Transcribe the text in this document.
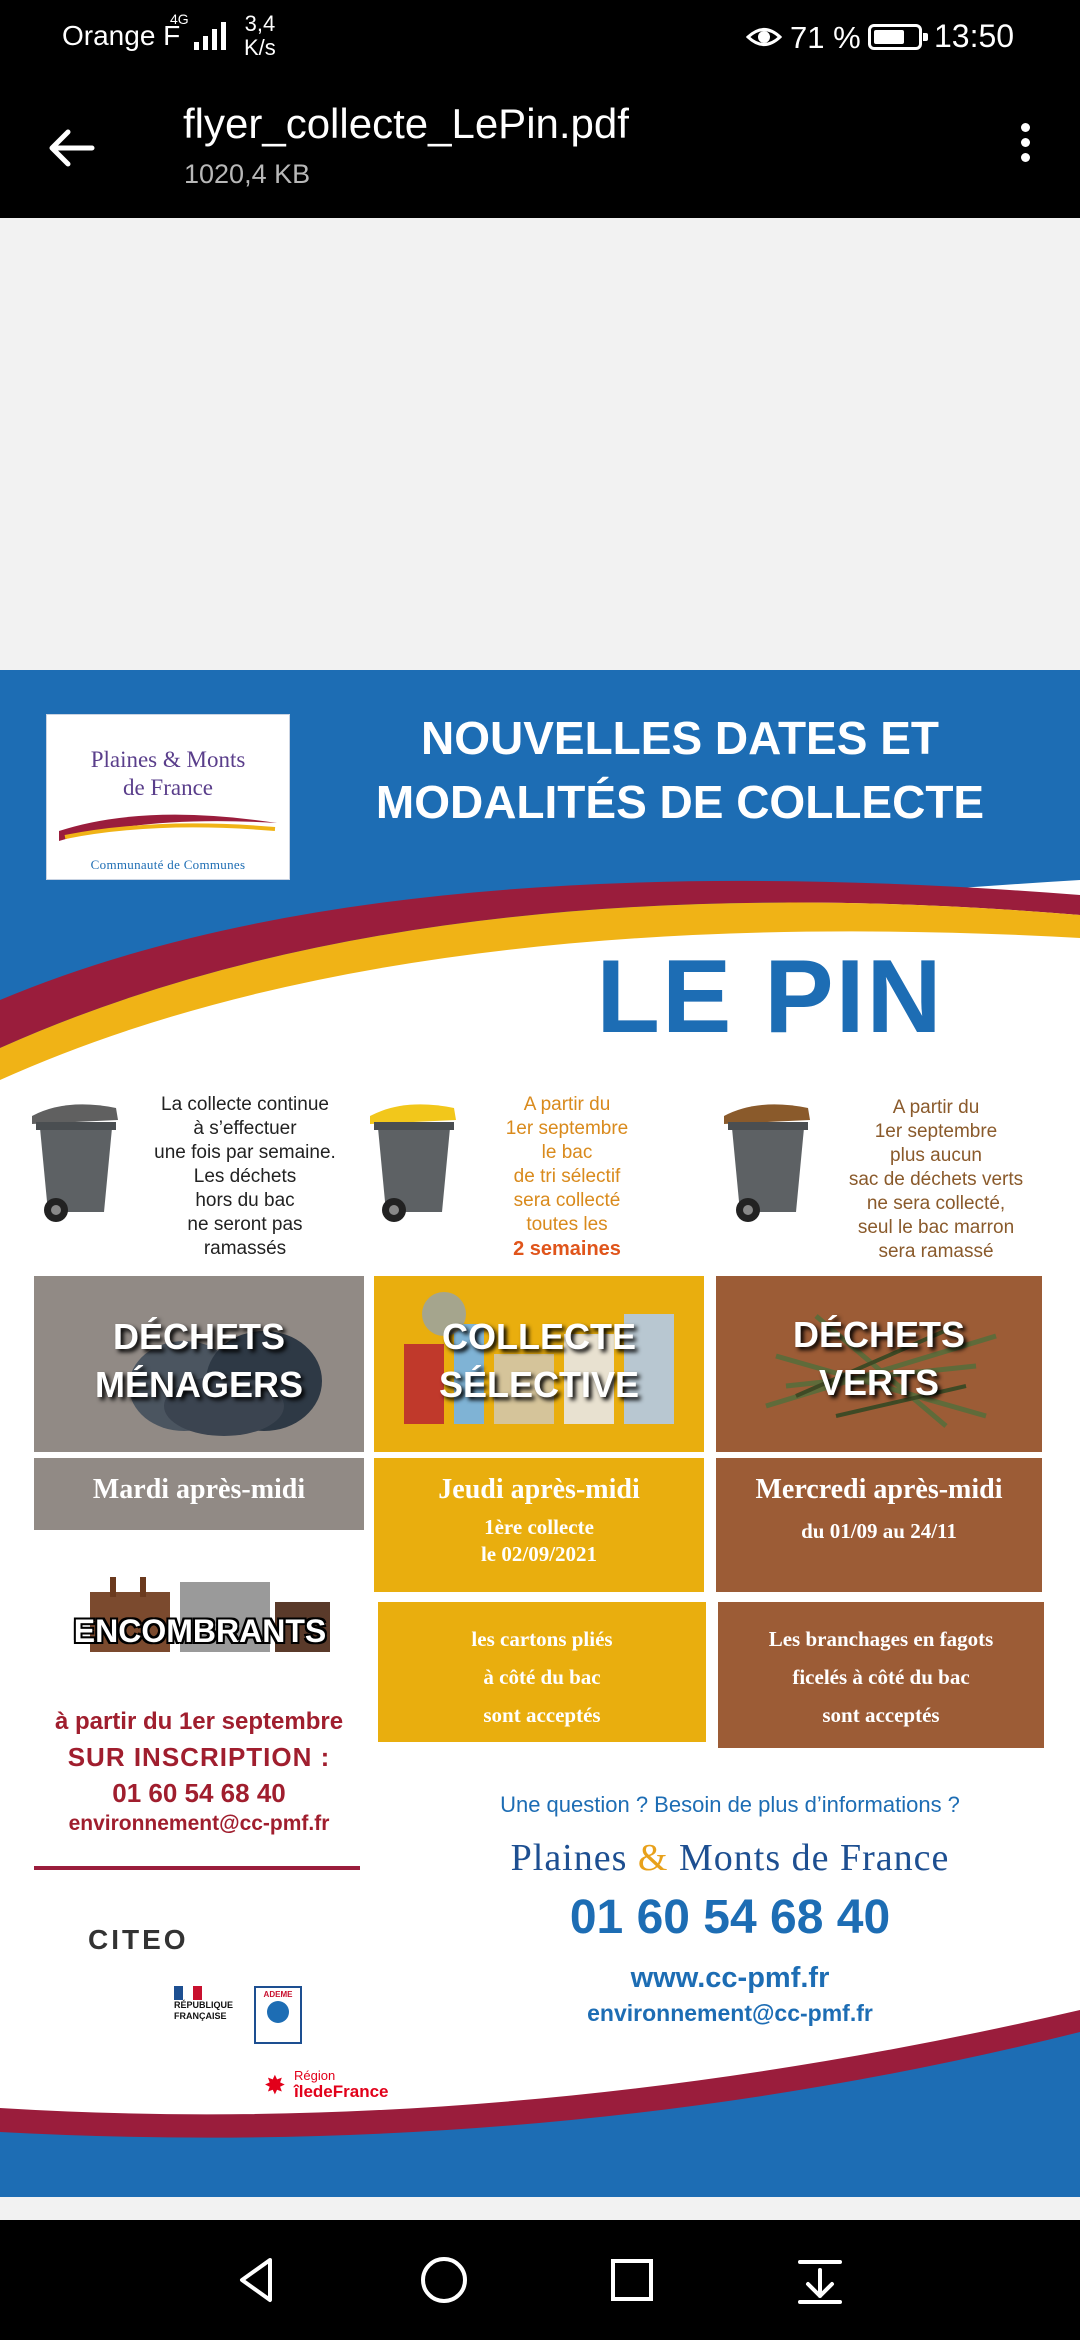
Orange F
4G	3,4
K/s	71 % 13:50
flyer_collecte_LePin.pdf
1020,4 KB
Plaines & Monts
de France
Communauté de Communes
NOUVELLES DATES ET
MODALITÉS DE COLLECTE
LE PIN
La collecte continue
à s’effectuer
une fois par semaine.
Les déchets
hors du bac
ne seront pas
ramassés
A partir du
1er septembre
le bac
de tri sélectif
sera collecté
toutes les
2 semaines
A partir du
1er septembre
plus aucun
sac de déchets verts
ne sera collecté,
seul le bac marron
sera ramassé
DÉCHETS
MÉNAGERS
COLLECTE
SÉLECTIVE
DÉCHETS
VERTS
Mardi après-midi	Jeudi après-midi
1ère collecte
le 02/09/2021
Mercredi après-midi
du 01/09 au 24/11
les cartons pliés
à côté du bac
sont acceptés
Les branchages en fagots
ficelés à côté du bac
sont acceptés
ENCOMBRANTS
à partir du 1er septembre
SUR INSCRIPTION :
01 60 54 68 40
environnement@cc-pmf.fr
Une question ? Besoin de plus d’informations ?
Plaines & Monts de France
01 60 54 68 40
www.cc-pmf.fr
environnement@cc-pmf.fr
CITEO
RÉPUBLIQUE
FRANÇAISE
ADEME
✸ Région
îledeFrance
